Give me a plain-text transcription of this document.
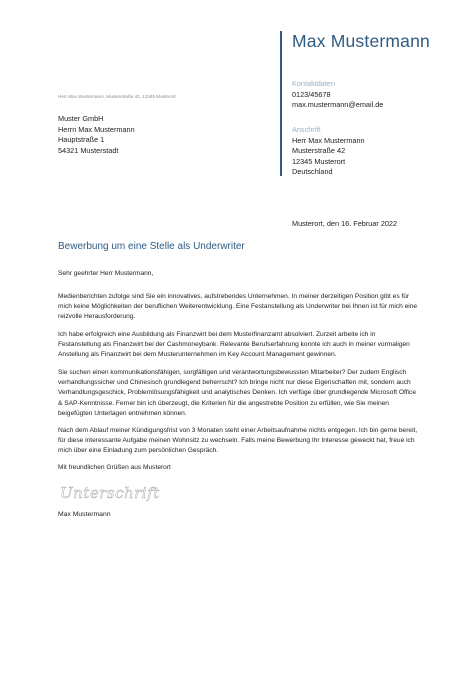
Max Mustermann
Kontaktdaten
0123/45678
max.mustermann@email.de
Anschrift
Herr Max Mustermann
Musterstraße 42
12345 Musterort
Deutschland
Herr Max Mustermann, Musterstraße 42, 12345 Musterort
Muster GmbH
Herrn Max Mustermann
Hauptstraße 1
54321 Musterstadt
Musterort, den 16. Februar 2022
Bewerbung um eine Stelle als Underwriter
Sehr geehrter Herr Mustermann,
Medienberichten zufolge sind Sie ein innovatives, aufstrebendes Unternehmen. In meiner derzeitigen Position gibt es für mich keine Möglichkeiten der beruflichen Weiterentwicklung. Eine Festanstellung als Underwriter bei Ihnen ist für mich eine reizvolle Herausforderung.
Ich habe erfolgreich eine Ausbildung als Finanzwirt bei dem Musterfinanzamt absolviert. Zurzeit arbeite ich in Festanstellung als Finanzwirt bei der Cashmoneybank. Relevante Berufserfahrung konnte ich auch in meiner vormaligen Anstellung als Finanzwirt bei dem Musterunternehmen im Key Account Management gewinnen.
Sie suchen einen kommunikationsfähigen, sorgfältigen und verantwortungsbewussten Mitarbeiter? Der zudem Englisch verhandlungssicher und Chinesisch grundlegend beherrscht? Ich bringe nicht nur diese Eigenschaften mit, sondern auch Verhandlungsgeschick, Problemlösungsfähigkeit und analytisches Denken. Ich verfüge über grundlegende Microsoft Office & SAP-Kenntnisse. Ferner bin ich überzeugt, die Kriterien für die angestrebte Position zu erfüllen, wie Sie meinen beigefügten Unterlagen entnehmen können.
Nach dem Ablauf meiner Kündigungsfrist von 3 Monaten steht einer Arbeitsaufnahme nichts entgegen. Ich bin gerne bereit, für diese interessante Aufgabe meinen Wohnsitz zu wechseln. Falls meine Bewerbung Ihr Interesse geweckt hat, freue ich mich über eine Einladung zum persönlichen Gespräch.
Mit freundlichen Grüßen aus Musterort
Unterschrift
Max Mustermann
